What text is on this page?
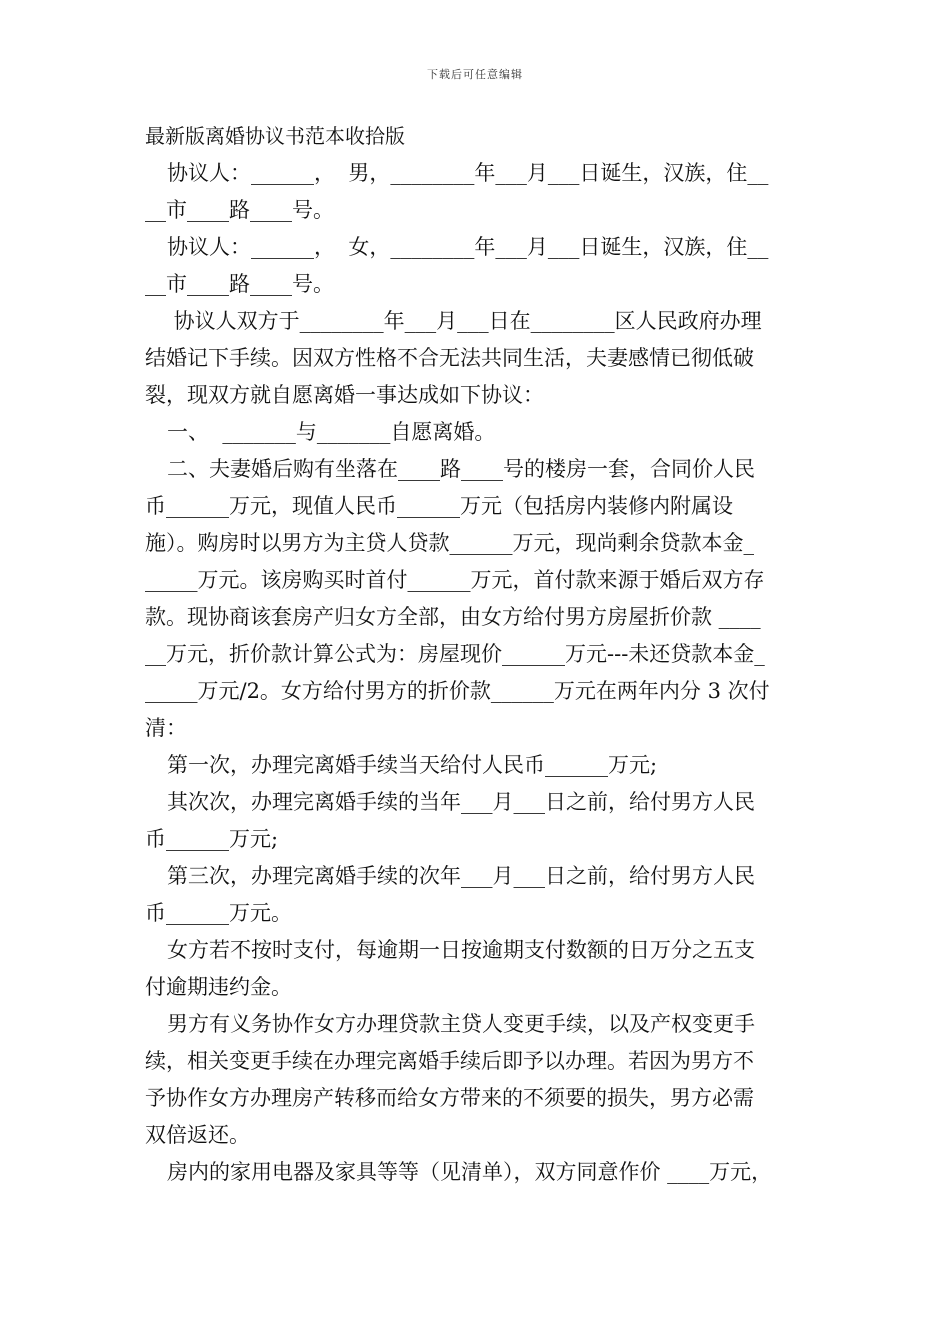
下载后可任意编辑
最新版离婚协议书范本收拾版

协议人：______，  男，________年___月___日诞生，汉族，住__

__市____路____号。

协议人：______，  女，________年___月___日诞生，汉族，住__

__市____路____号。

协议人双方于________年___月___日在________区人民政府办理

结婚记下手续。因双方性格不合无法共同生活，夫妻感情已彻低破

裂，现双方就自愿离婚一事达成如下协议：

一、  _______与_______自愿离婚。

二、夫妻婚后购有坐落在____路____号的楼房一套，合同价人民

币______万元，现值人民币______万元（包括房内装修内附属设

施）。购房时以男方为主贷人贷款______万元，现尚剩余贷款本金_

_____万元。该房购买时首付______万元，首付款来源于婚后双方存

款。现协商该套房产归女方全部，由女方给付男方房屋折价款 ____

__万元，折价款计算公式为：房屋现价______万元---未还贷款本金_

_____万元/2。女方给付男方的折价款______万元在两年内分 3 次付

清：

第一次，办理完离婚手续当天给付人民币______万元;

其次次，办理完离婚手续的当年___月___日之前，给付男方人民

币______万元;

第三次，办理完离婚手续的次年___月___日之前，给付男方人民

币______万元。

女方若不按时支付，每逾期一日按逾期支付数额的日万分之五支

付逾期违约金。

男方有义务协作女方办理贷款主贷人变更手续，以及产权变更手

续，相关变更手续在办理完离婚手续后即予以办理。若因为男方不

予协作女方办理房产转移而给女方带来的不须要的损失，男方必需

双倍返还。

房内的家用电器及家具等等（见清单），双方同意作价 ____万元，
